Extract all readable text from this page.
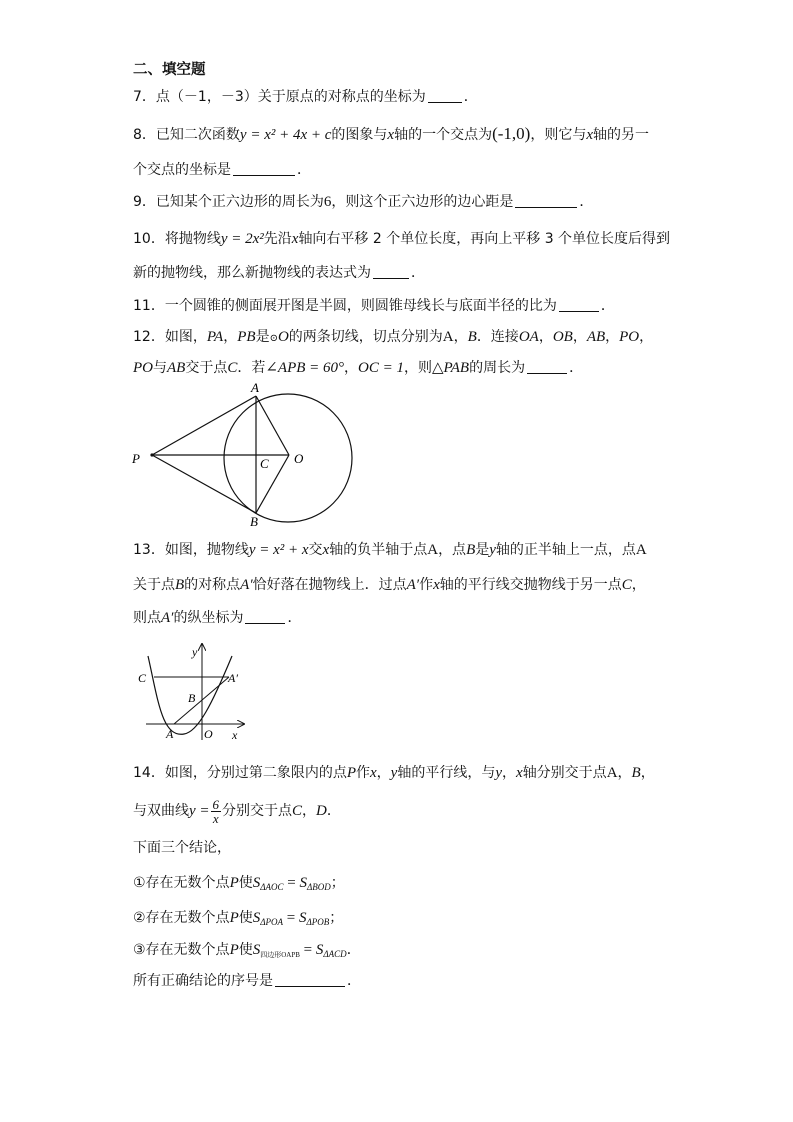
二、填空题
7．点（－1，－3）关于原点的对称点的坐标为	．
8．已知二次函数y = x² + 4x + c的图象与x轴的一个交点为(-1,0)，则它与x轴的另一
个交点的坐标是	．
9．已知某个正六边形的周长为6，则这个正六边形的边心距是	．
10．将抛物线y = 2x²先沿x轴向右平移 2 个单位长度，再向上平移 3 个单位长度后得到
新的抛物线，那么新抛物线的表达式为	．
11．一个圆锥的侧面展开图是半圆，则圆锥母线长与底面半径的比为	．
12．如图，PA，PB是⊙O的两条切线，切点分别为A，B．连接OA，OB，AB，PO，
PO与AB交于点C．若∠APB = 60°，OC = 1，则△PAB的周长为	．
A
B
C O
P
13．如图，抛物线y = x² + x交x轴的负半轴于点A，点B是y轴的正半轴上一点，点A
关于点B的对称点A′恰好落在抛物线上．过点A′作x轴的平行线交抛物线于另一点C，
则点A′的纵坐标为	．
y
x
C	A′
B
A	O
14．如图，分别过第二象限内的点P作x，y轴的平行线，与y，x轴分别交于点A，B，
与双曲线$y = \frac{6}{x}$ 分别交于点C，D．
下面三个结论，
①存在无数个点P使$S_{\Delta AOC} = S_{\Delta BOD}$；
②存在无数个点P使$S_{\Delta POA} = S_{\Delta POB}$；
③存在无数个点P使$S_{四边形OAPB} = S_{\Delta ACD}$．
所有正确结论的序号是	．
